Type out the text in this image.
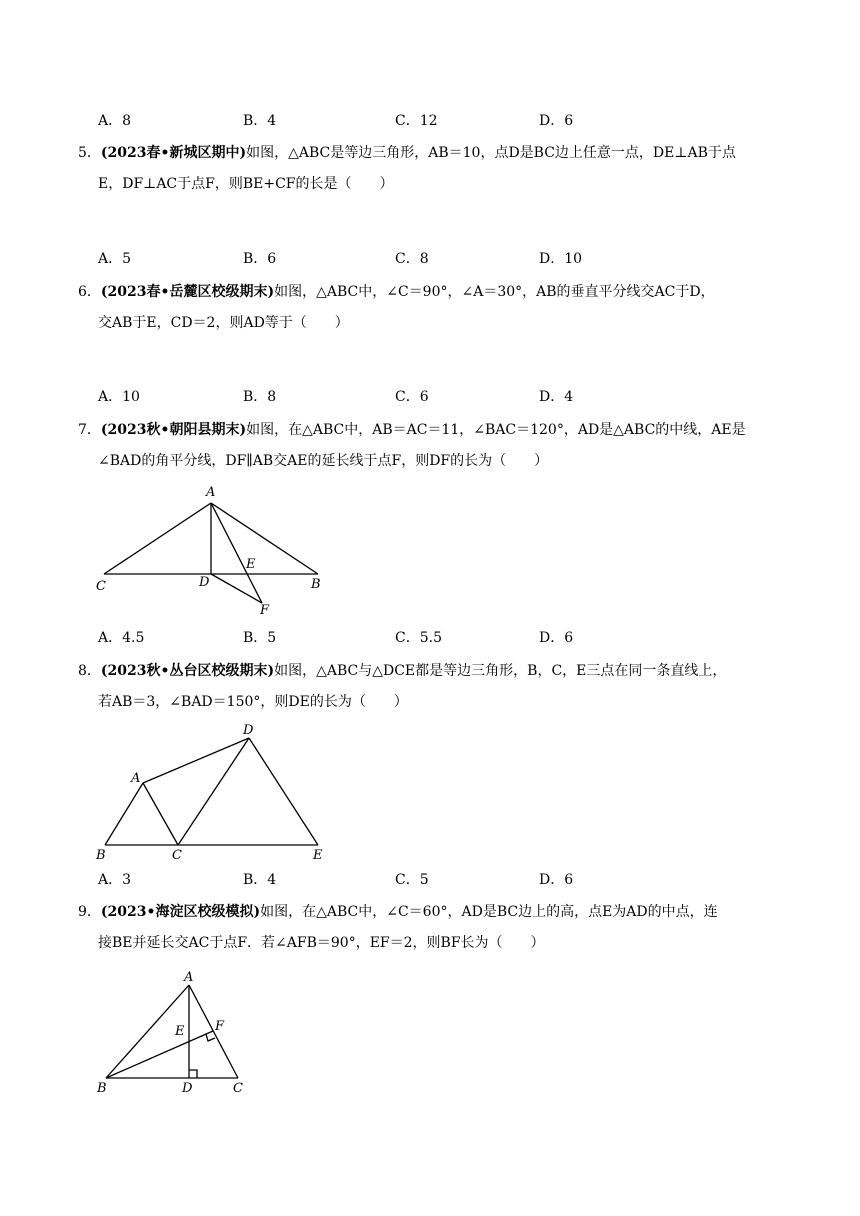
A．8	B．4	C．12	D．6

5．(2023春•新城区期中)如图，△ABC是等边三角形，AB＝10，点D是BC边上任意一点，DE⊥AB于点

E，DF⊥AC于点F，则BE+CF的长是（　　）

A．5	B．6	C．8	D．10

6．(2023春•岳麓区校级期末)如图，△ABC中，∠C＝90°，∠A＝30°，AB的垂直平分线交AC于D，

交AB于E，CD＝2，则AD等于（　　）

A．10	B．8	C．6	D．4

7．(2023秋•朝阳县期末)如图，在△ABC中，AB＝AC＝11，∠BAC＝120°，AD是△ABC的中线，AE是

∠BAD的角平分线，DF∥AB交AE的延长线于点F，则DF的长为（　　）

A
C	D
E
B
F
A．4.5	B．5	C．5.5	D．6

8．(2023秋•丛台区校级期末)如图，△ABC与△DCE都是等边三角形，B，C，E三点在同一条直线上，

若AB＝3，∠BAD＝150°，则DE的长为（　　）

A
B	C
D
E
A．3	B．4	C．5	D．6

9．(2023•海淀区校级模拟)如图，在△ABC中，∠C＝60°，AD是BC边上的高，点E为AD的中点，连

接BE并延长交AC于点F．若∠AFB＝90°，EF＝2，则BF长为（　　）

A
E F
B	D	C
